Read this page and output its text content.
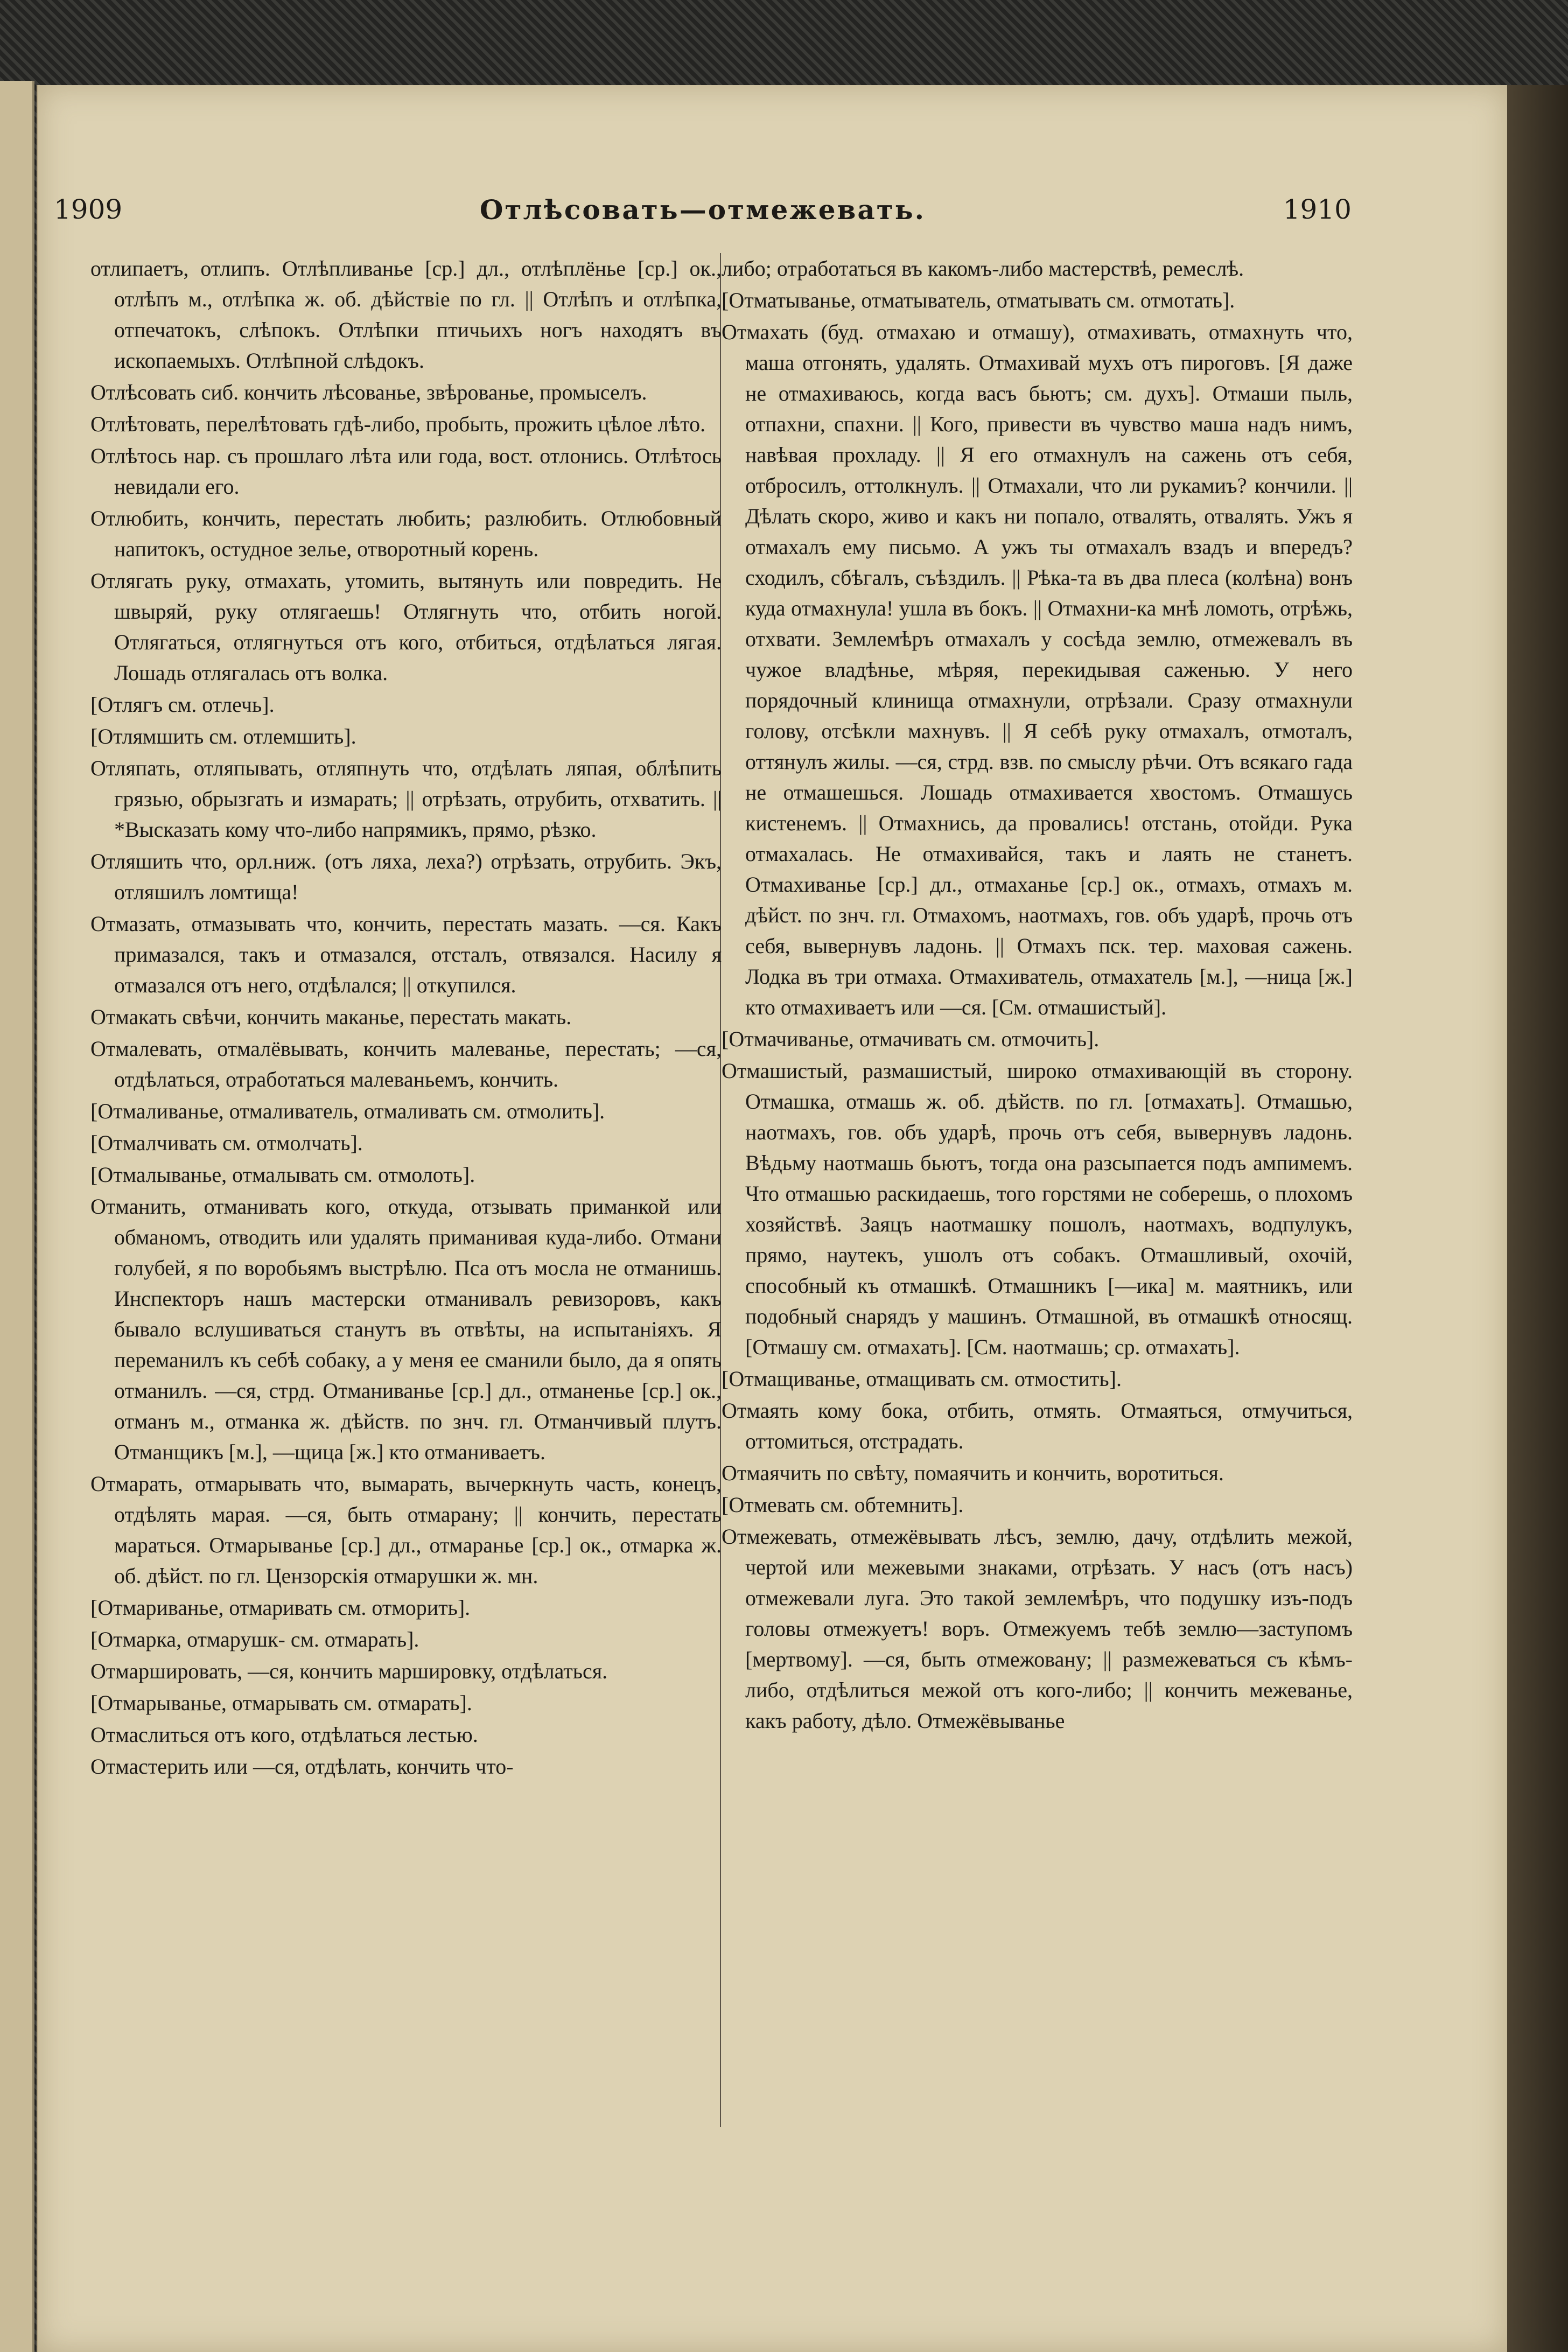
1909	Отлѣсовать—отмежевать.	1910

отлипаетъ, отлипъ. Отлѣпливанье [ср.] дл., отлѣплёнье [ср.] ок., отлѣпъ м., отлѣпка ж. об. дѣйствіе по гл. || Отлѣпъ и отлѣпка, отпечатокъ, слѣпокъ. Отлѣпки птичьихъ ногъ находятъ въ ископаемыхъ. Отлѣпной слѣдокъ.

Отлѣсовать сиб. кончить лѣсованье, звѣрованье, промыселъ.

Отлѣтовать, перелѣтовать гдѣ-либо, пробыть, прожить цѣлое лѣто.

Отлѣтось нар. съ прошлаго лѣта или года, вост. отлонись. Отлѣтось невидали его.

Отлюбить, кончить, перестать любить; разлюбить. Отлюбовный напитокъ, остудное зелье, отворотный корень.

Отлягать руку, отмахать, утомить, вытянуть или повредить. Не швыряй, руку отлягаешь! Отлягнуть что, отбить ногой. Отлягаться, отлягнуться отъ кого, отбиться, отдѣлаться лягая. Лошадь отлягалась отъ волка.

[Отлягъ см. отлечь].

[Отлямшить см. отлемшить].

Отляпать, отляпывать, отляпнуть что, отдѣлать ляпая, облѣпить грязью, обрызгать и измарать; || отрѣзать, отрубить, отхватить. || *Высказать кому что-либо напрямикъ, прямо, рѣзко.

Отляшить что, орл.ниж. (отъ ляха, леха?) отрѣзать, отрубить. Экъ, отляшилъ ломтища!

Отмазать, отмазывать что, кончить, перестать мазать. —ся. Какъ примазался, такъ и отмазался, отсталъ, отвязался. Насилу я отмазался отъ него, отдѣлался; || откупился.

Отмакать свѣчи, кончить маканье, перестать макать.

Отмалевать, отмалёвывать, кончить малеванье, перестать; —ся, отдѣлаться, отработаться малеваньемъ, кончить.

[Отмаливанье, отмаливатель, отмаливать см. отмолить].

[Отмалчивать см. отмолчать].

[Отмалыванье, отмалывать см. отмолоть].

Отманить, отманивать кого, откуда, отзывать приманкой или обманомъ, отводить или удалять приманивая куда-либо. Отмани голубей, я по воробьямъ выстрѣлю. Пса отъ мосла не отманишь. Инспекторъ нашъ мастерски отманивалъ ревизоровъ, какъ бывало вслушиваться станутъ въ отвѣты, на испытаніяхъ. Я переманилъ къ себѣ собаку, а у меня ее сманили было, да я опять отманилъ. —ся, стрд. Отманиванье [ср.] дл., отманенье [ср.] ок., отманъ м., отманка ж. дѣйств. по знч. гл. Отманчивый плутъ. Отманщикъ [м.], —щица [ж.] кто отманиваетъ.

Отмарать, отмарывать что, вымарать, вычеркнуть часть, конецъ, отдѣлять марая. —ся, быть отмарану; || кончить, перестать мараться. Отмарыванье [ср.] дл., отмаранье [ср.] ок., отмарка ж. об. дѣйст. по гл. Цензорскія отмарушки ж. мн.

[Отмариванье, отмаривать см. отморить].

[Отмарка, отмарушк- см. отмарать].

Отмаршировать, —ся, кончить маршировку, отдѣлаться.

[Отмарыванье, отмарывать см. отмарать].

Отмаслиться отъ кого, отдѣлаться лестью.

Отмастерить или —ся, отдѣлать, кончить что-

либо; отработаться въ какомъ-либо мастерствѣ, ремеслѣ.

[Отматыванье, отматыватель, отматывать см. отмотать].

Отмахать (буд. отмахаю и отмашу), отмахивать, отмахнуть что, маша отгонять, удалять. Отмахивай мухъ отъ пироговъ. [Я даже не отмахиваюсь, когда васъ бьютъ; см. духъ]. Отмаши пыль, отпахни, спахни. || Кого, привести въ чувство маша надъ нимъ, навѣвая прохладу. || Я его отмахнулъ на сажень отъ себя, отбросилъ, оттолкнулъ. || Отмахали, что ли рукамиъ? кончили. || Дѣлать скоро, живо и какъ ни попало, отвалять, отвалять. Ужъ я отмахалъ ему письмо. А ужъ ты отмахалъ взадъ и впередъ? сходилъ, сбѣгалъ, съѣздилъ. || Рѣка-та въ два плеса (колѣна) вонъ куда отмахнула! ушла въ бокъ. || Отмахни-ка мнѣ ломоть, отрѣжь, отхвати. Землемѣръ отмахалъ у сосѣда землю, отмежевалъ въ чужое владѣнье, мѣряя, перекидывая саженью. У него порядочный клинища отмахнули, отрѣзали. Сразу отмахнули голову, отсѣкли махнувъ. || Я себѣ руку отмахалъ, отмоталъ, оттянулъ жилы. —ся, стрд. взв. по смыслу рѣчи. Отъ всякаго гада не отмашешься. Лошадь отмахивается хвостомъ. Отмашусь кистенемъ. || Отмахнись, да провались! отстань, отойди. Рука отмахалась. Не отмахивайся, такъ и лаять не станетъ. Отмахиванье [ср.] дл., отмаханье [ср.] ок., отмахъ, отмахъ м. дѣйст. по знч. гл. Отмахомъ, наотмахъ, гов. объ ударѣ, прочь отъ себя, вывернувъ ладонь. || Отмахъ пск. тер. маховая сажень. Лодка въ три отмаха. Отмахиватель, отмахатель [м.], —ница [ж.] кто отмахиваетъ или —ся. [См. отмашистый].

[Отмачиванье, отмачивать см. отмочить].

Отмашистый, размашистый, широко отмахивающій въ сторону. Отмашка, отмашь ж. об. дѣйств. по гл. [отмахать]. Отмашью, наотмахъ, гов. объ ударѣ, прочь отъ себя, вывернувъ ладонь. Вѣдьму наотмашь бьютъ, тогда она разсыпается подъ ампимемъ. Что отмашью раскидаешь, того горстями не соберешь, о плохомъ хозяйствѣ. Заяцъ наотмашку пошолъ, наотмахъ, водпулукъ, прямо, наутекъ, ушолъ отъ собакъ. Отмашливый, охочій, способный къ отмашкѣ. Отмашникъ [—ика] м. маятникъ, или подобный снарядъ у машинъ. Отмашной, въ отмашкѣ относящ. [Отмашу см. отмахать]. [См. наотмашь; ср. отмахать].

[Отмащиванье, отмащивать см. отмостить].

Отмаять кому бока, отбить, отмять. Отмаяться, отмучиться, оттомиться, отстрадать.

Отмаячить по свѣту, помаячить и кончить, воротиться.

[Отмевать см. обтемнить].

Отмежевать, отмежёвывать лѣсъ, землю, дачу, отдѣлить межой, чертой или межевыми знаками, отрѣзать. У насъ (отъ насъ) отмежевали луга. Это такой землемѣръ, что подушку изъ-подъ головы отмежуетъ! воръ. Отмежуемъ тебѣ землю—заступомъ [мертвому]. —ся, быть отмежовану; || размежеваться съ кѣмъ-либо, отдѣлиться межой отъ кого-либо; || кончить межеванье, какъ работу, дѣло. Отмежёвыванье
